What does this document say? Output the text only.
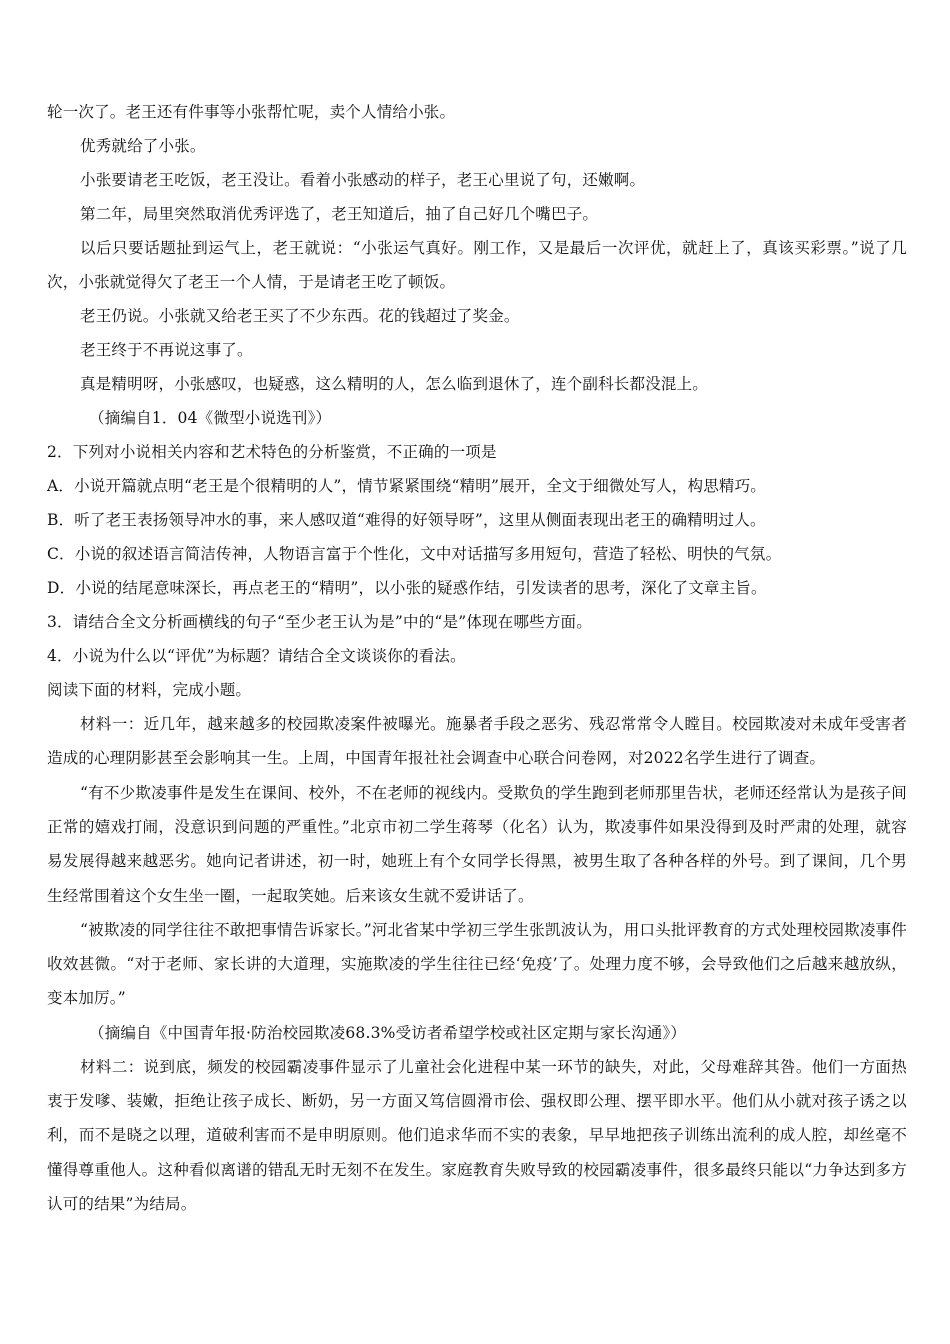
轮一次了。老王还有件事等小张帮忙呢，卖个人情给小张。
优秀就给了小张。
小张要请老王吃饭，老王没让。看着小张感动的样子，老王心里说了句，还嫩啊。
第二年，局里突然取消优秀评选了，老王知道后，抽了自己好几个嘴巴子。
以后只要话题扯到运气上，老王就说：“小张运气真好。刚工作，又是最后一次评优，就赶上了，真该买彩票。”说了几次，小张就觉得欠了老王一个人情，于是请老王吃了顿饭。
老王仍说。小张就又给老王买了不少东西。花的钱超过了奖金。
老王终于不再说这事了。
真是精明呀，小张感叹，也疑惑，这么精明的人，怎么临到退休了，连个副科长都没混上。
（摘编自1．04《微型小说选刊》）
2．下列对小说相关内容和艺术特色的分析鉴赏，不正确的一项是
A．小说开篇就点明“老王是个很精明的人”，情节紧紧围绕“精明”展开，全文于细微处写人，构思精巧。
B．听了老王表扬领导冲水的事，来人感叹道“难得的好领导呀”，这里从侧面表现出老王的确精明过人。
C．小说的叙述语言简洁传神，人物语言富于个性化，文中对话描写多用短句，营造了轻松、明快的气氛。
D．小说的结尾意味深长，再点老王的“精明”，以小张的疑惑作结，引发读者的思考，深化了文章主旨。
3．请结合全文分析画横线的句子“至少老王认为是”中的“是”体现在哪些方面。
4．小说为什么以“评优”为标题？请结合全文谈谈你的看法。
阅读下面的材料，完成小题。
材料一：近几年，越来越多的校园欺凌案件被曝光。施暴者手段之恶劣、残忍常常令人瞠目。校园欺凌对未成年受害者造成的心理阴影甚至会影响其一生。上周，中国青年报社社会调查中心联合问卷网，对2022名学生进行了调查。
“有不少欺凌事件是发生在课间、校外，不在老师的视线内。受欺负的学生跑到老师那里告状，老师还经常认为是孩子间正常的嬉戏打闹，没意识到问题的严重性。”北京市初二学生蒋琴（化名）认为，欺凌事件如果没得到及时严肃的处理，就容易发展得越来越恶劣。她向记者讲述，初一时，她班上有个女同学长得黑，被男生取了各种各样的外号。到了课间，几个男生经常围着这个女生坐一圈，一起取笑她。后来该女生就不爱讲话了。
“被欺凌的同学往往不敢把事情告诉家长。”河北省某中学初三学生张凯波认为，用口头批评教育的方式处理校园欺凌事件收效甚微。“对于老师、家长讲的大道理，实施欺凌的学生往往已经‘免疫’了。处理力度不够，会导致他们之后越来越放纵，变本加厉。”
（摘编自《中国青年报·防治校园欺凌68.3%受访者希望学校或社区定期与家长沟通》）
材料二：说到底，频发的校园霸凌事件显示了儿童社会化进程中某一环节的缺失，对此，父母难辞其咎。他们一方面热衷于发嗲、装嫩，拒绝让孩子成长、断奶，另一方面又笃信圆滑市侩、强权即公理、摆平即水平。他们从小就对孩子诱之以利，而不是晓之以理，道破利害而不是申明原则。他们追求华而不实的表象，早早地把孩子训练出流利的成人腔，却丝毫不懂得尊重他人。这种看似离谱的错乱无时无刻不在发生。家庭教育失败导致的校园霸凌事件，很多最终只能以“力争达到多方认可的结果”为结局。
